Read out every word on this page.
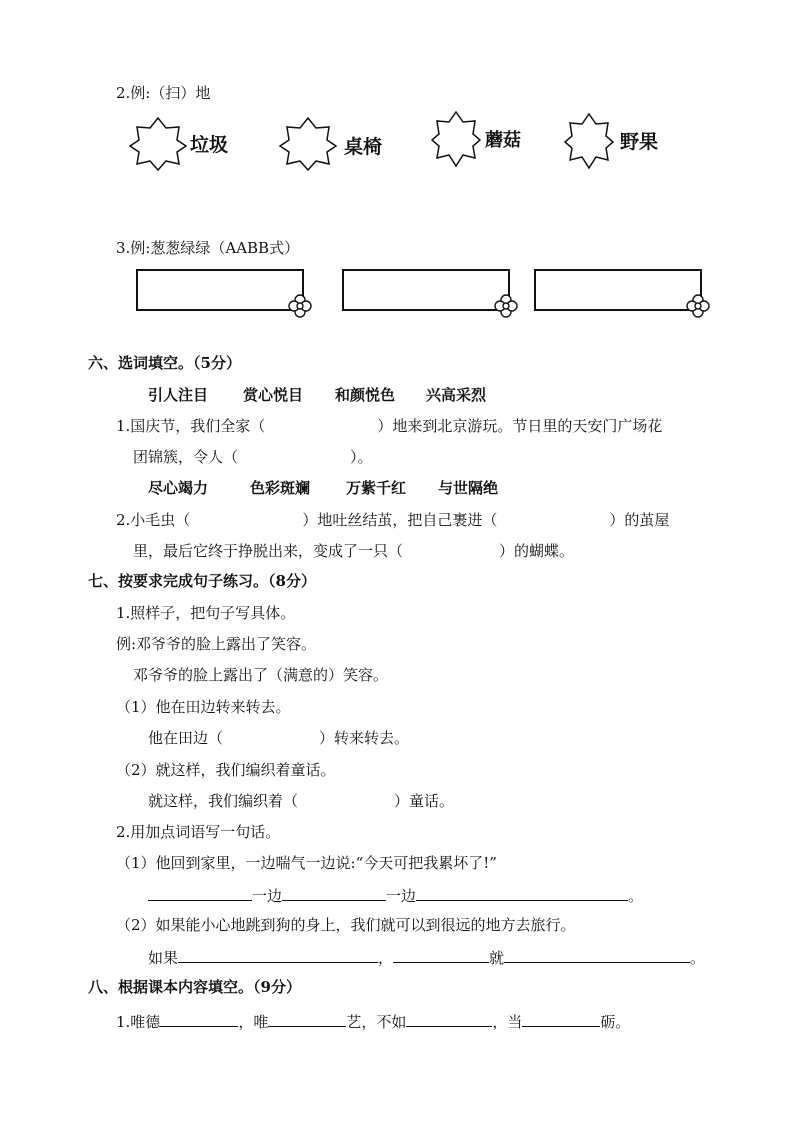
2.例:（扫）地
垃圾	桌椅	蘑菇	野果
3.例:葱葱绿绿（AABB式）
六、选词填空。（5分）
引人注目 赏心悦目 和颜悦色 兴高采烈
1.国庆节，我们全家（	）地来到北京游玩。节日里的天安门广场花
团锦簇，令人（	）。
尽心竭力	色彩斑斓 万紫千红 与世隔绝
2.小毛虫（	）地吐丝结茧，把自己裹进（	）的茧屋
里，最后它终于挣脱出来，变成了一只（	）的蝴蝶。
七、按要求完成句子练习。（8分）
1.照样子，把句子写具体。
例:邓爷爷的脸上露出了笑容。
邓爷爷的脸上露出了（满意的）笑容。
（1）他在田边转来转去。
他在田边（	）转来转去。
（2）就这样，我们编织着童话。
就这样，我们编织着（	）童话。
2.用加点词语写一句话。
（1）他回到家里，一边喘气一边说:“今天可把我累坏了!”
一边	一边	。
（2）如果能小心地跳到狗的身上，我们就可以到很远的地方去旅行。
如果	，	就	。
八、根据课本内容填空。（9分）
1.唯德	，唯	艺，不如	，当	砺。
